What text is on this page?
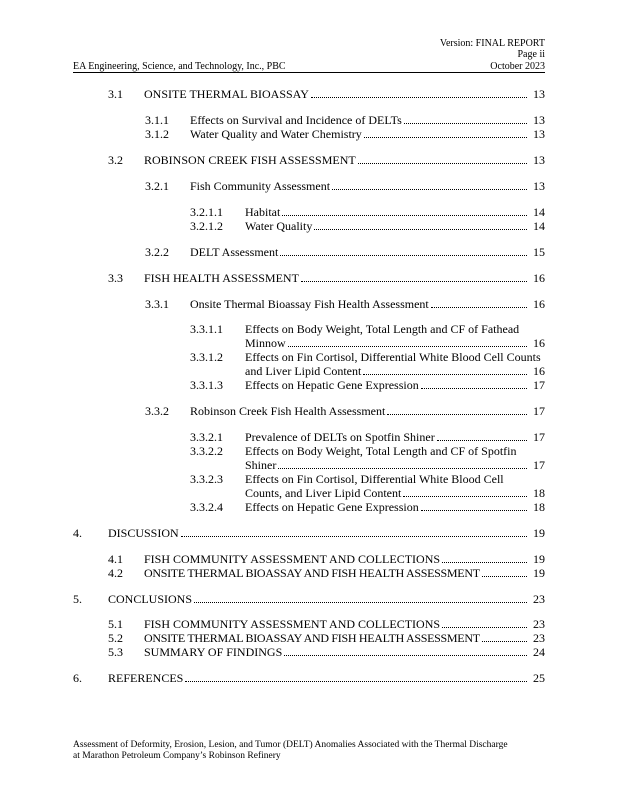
Version: FINAL REPORT
Page ii
October 2023
EA Engineering, Science, and Technology, Inc., PBC
3.1 ONSITE THERMAL BIOASSAY	13
3.1.1 Effects on Survival and Incidence of DELTs	13
3.1.2 Water Quality and Water Chemistry	13
3.2 ROBINSON CREEK FISH ASSESSMENT	13
3.2.1 Fish Community Assessment	13
3.2.1.1 Habitat	14
3.2.1.2 Water Quality	14
3.2.2 DELT Assessment	15
3.3 FISH HEALTH ASSESSMENT	16
3.3.1 Onsite Thermal Bioassay Fish Health Assessment	16
3.3.1.1 Effects on Body Weight, Total Length and CF of Fathead
Minnow	16
3.3.1.2 Effects on Fin Cortisol, Differential White Blood Cell Counts
and Liver Lipid Content	16
3.3.1.3 Effects on Hepatic Gene Expression	17
3.3.2 Robinson Creek Fish Health Assessment	17
3.3.2.1 Prevalence of DELTs on Spotfin Shiner	17
3.3.2.2 Effects on Body Weight, Total Length and CF of Spotfin
Shiner	17
3.3.2.3 Effects on Fin Cortisol, Differential White Blood Cell
Counts, and Liver Lipid Content	18
3.3.2.4 Effects on Hepatic Gene Expression	18
4. DISCUSSION	19
4.1 FISH COMMUNITY ASSESSMENT AND COLLECTIONS	19
4.2 ONSITE THERMAL BIOASSAY AND FISH HEALTH ASSESSMENT	19
5. CONCLUSIONS	23
5.1 FISH COMMUNITY ASSESSMENT AND COLLECTIONS	23
5.2 ONSITE THERMAL BIOASSAY AND FISH HEALTH ASSESSMENT	23
5.3 SUMMARY OF FINDINGS	24
6. REFERENCES	25
Assessment of Deformity, Erosion, Lesion, and Tumor (DELT) Anomalies Associated with the Thermal Discharge
at Marathon Petroleum Company’s Robinson Refinery
